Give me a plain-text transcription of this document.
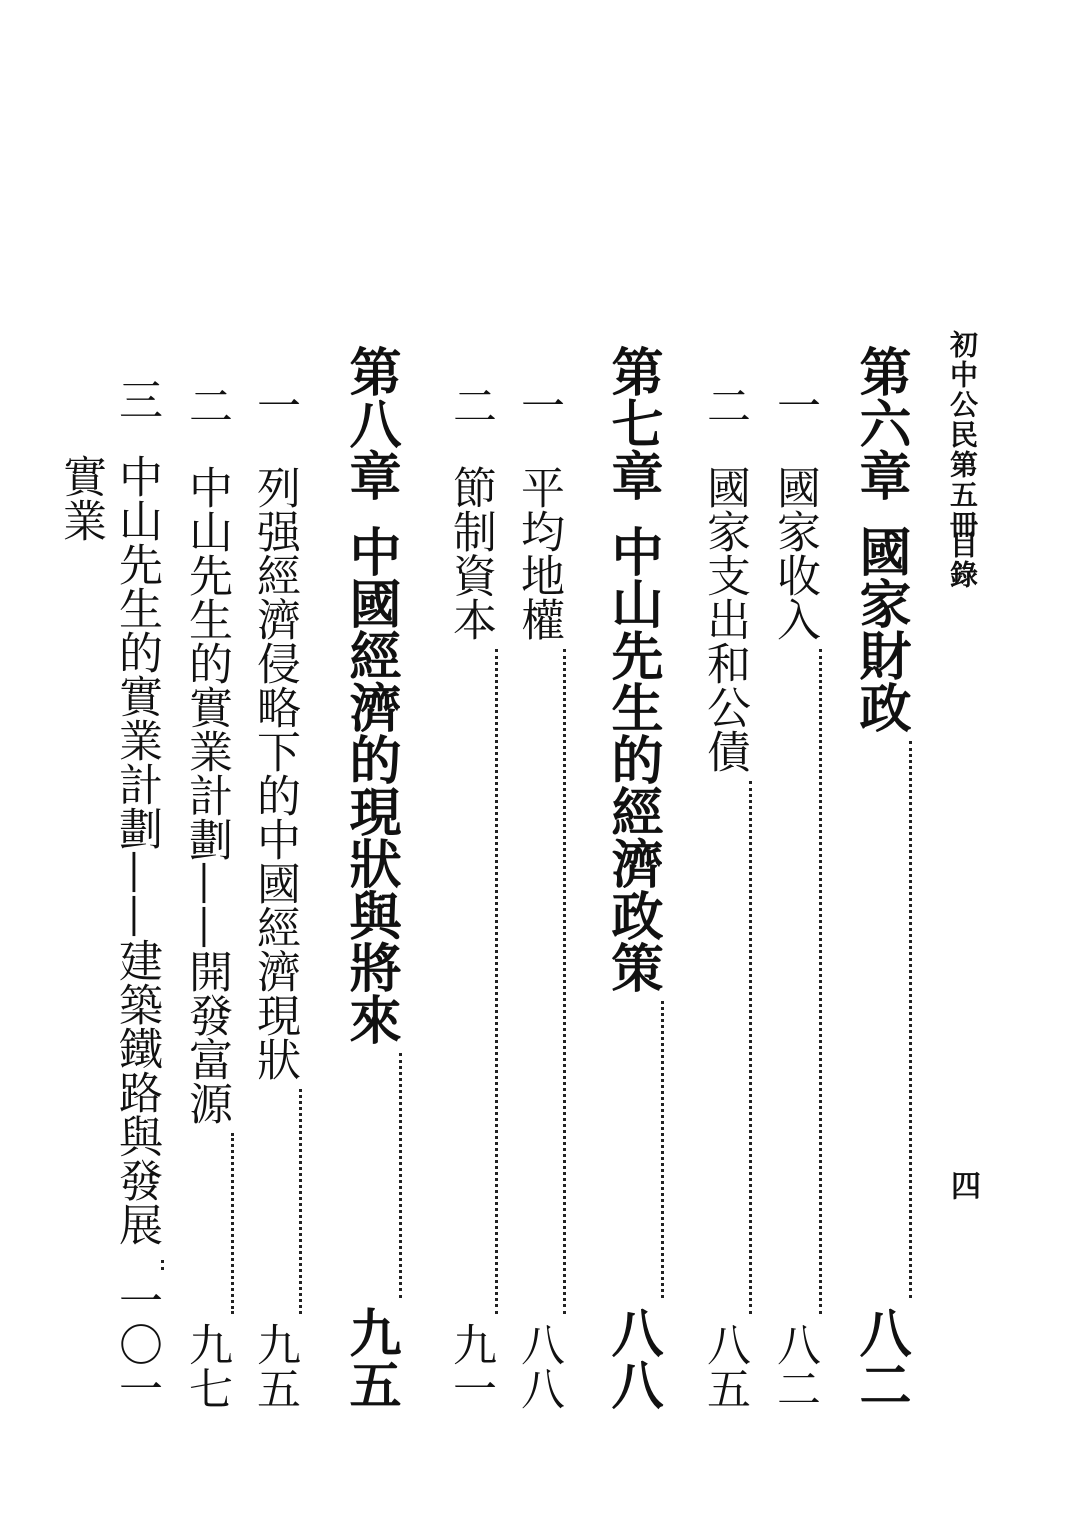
初中公民第五冊
目錄
四
第六章
國家財政
八二
一
國家收入
八二
二
國家支出和公債
八五
第七章
中山先生的經濟政策
八八
一
平均地權
八八
二
節制資本
九一
第八章
中國經濟的現狀與將來
九五
一
列强經濟侵略下的中國經濟現狀
九五
二
中山先生的實業計劃——開發富源
九七
三
中山先生的實業計劃——建築鐵路與發展實業
一〇一
